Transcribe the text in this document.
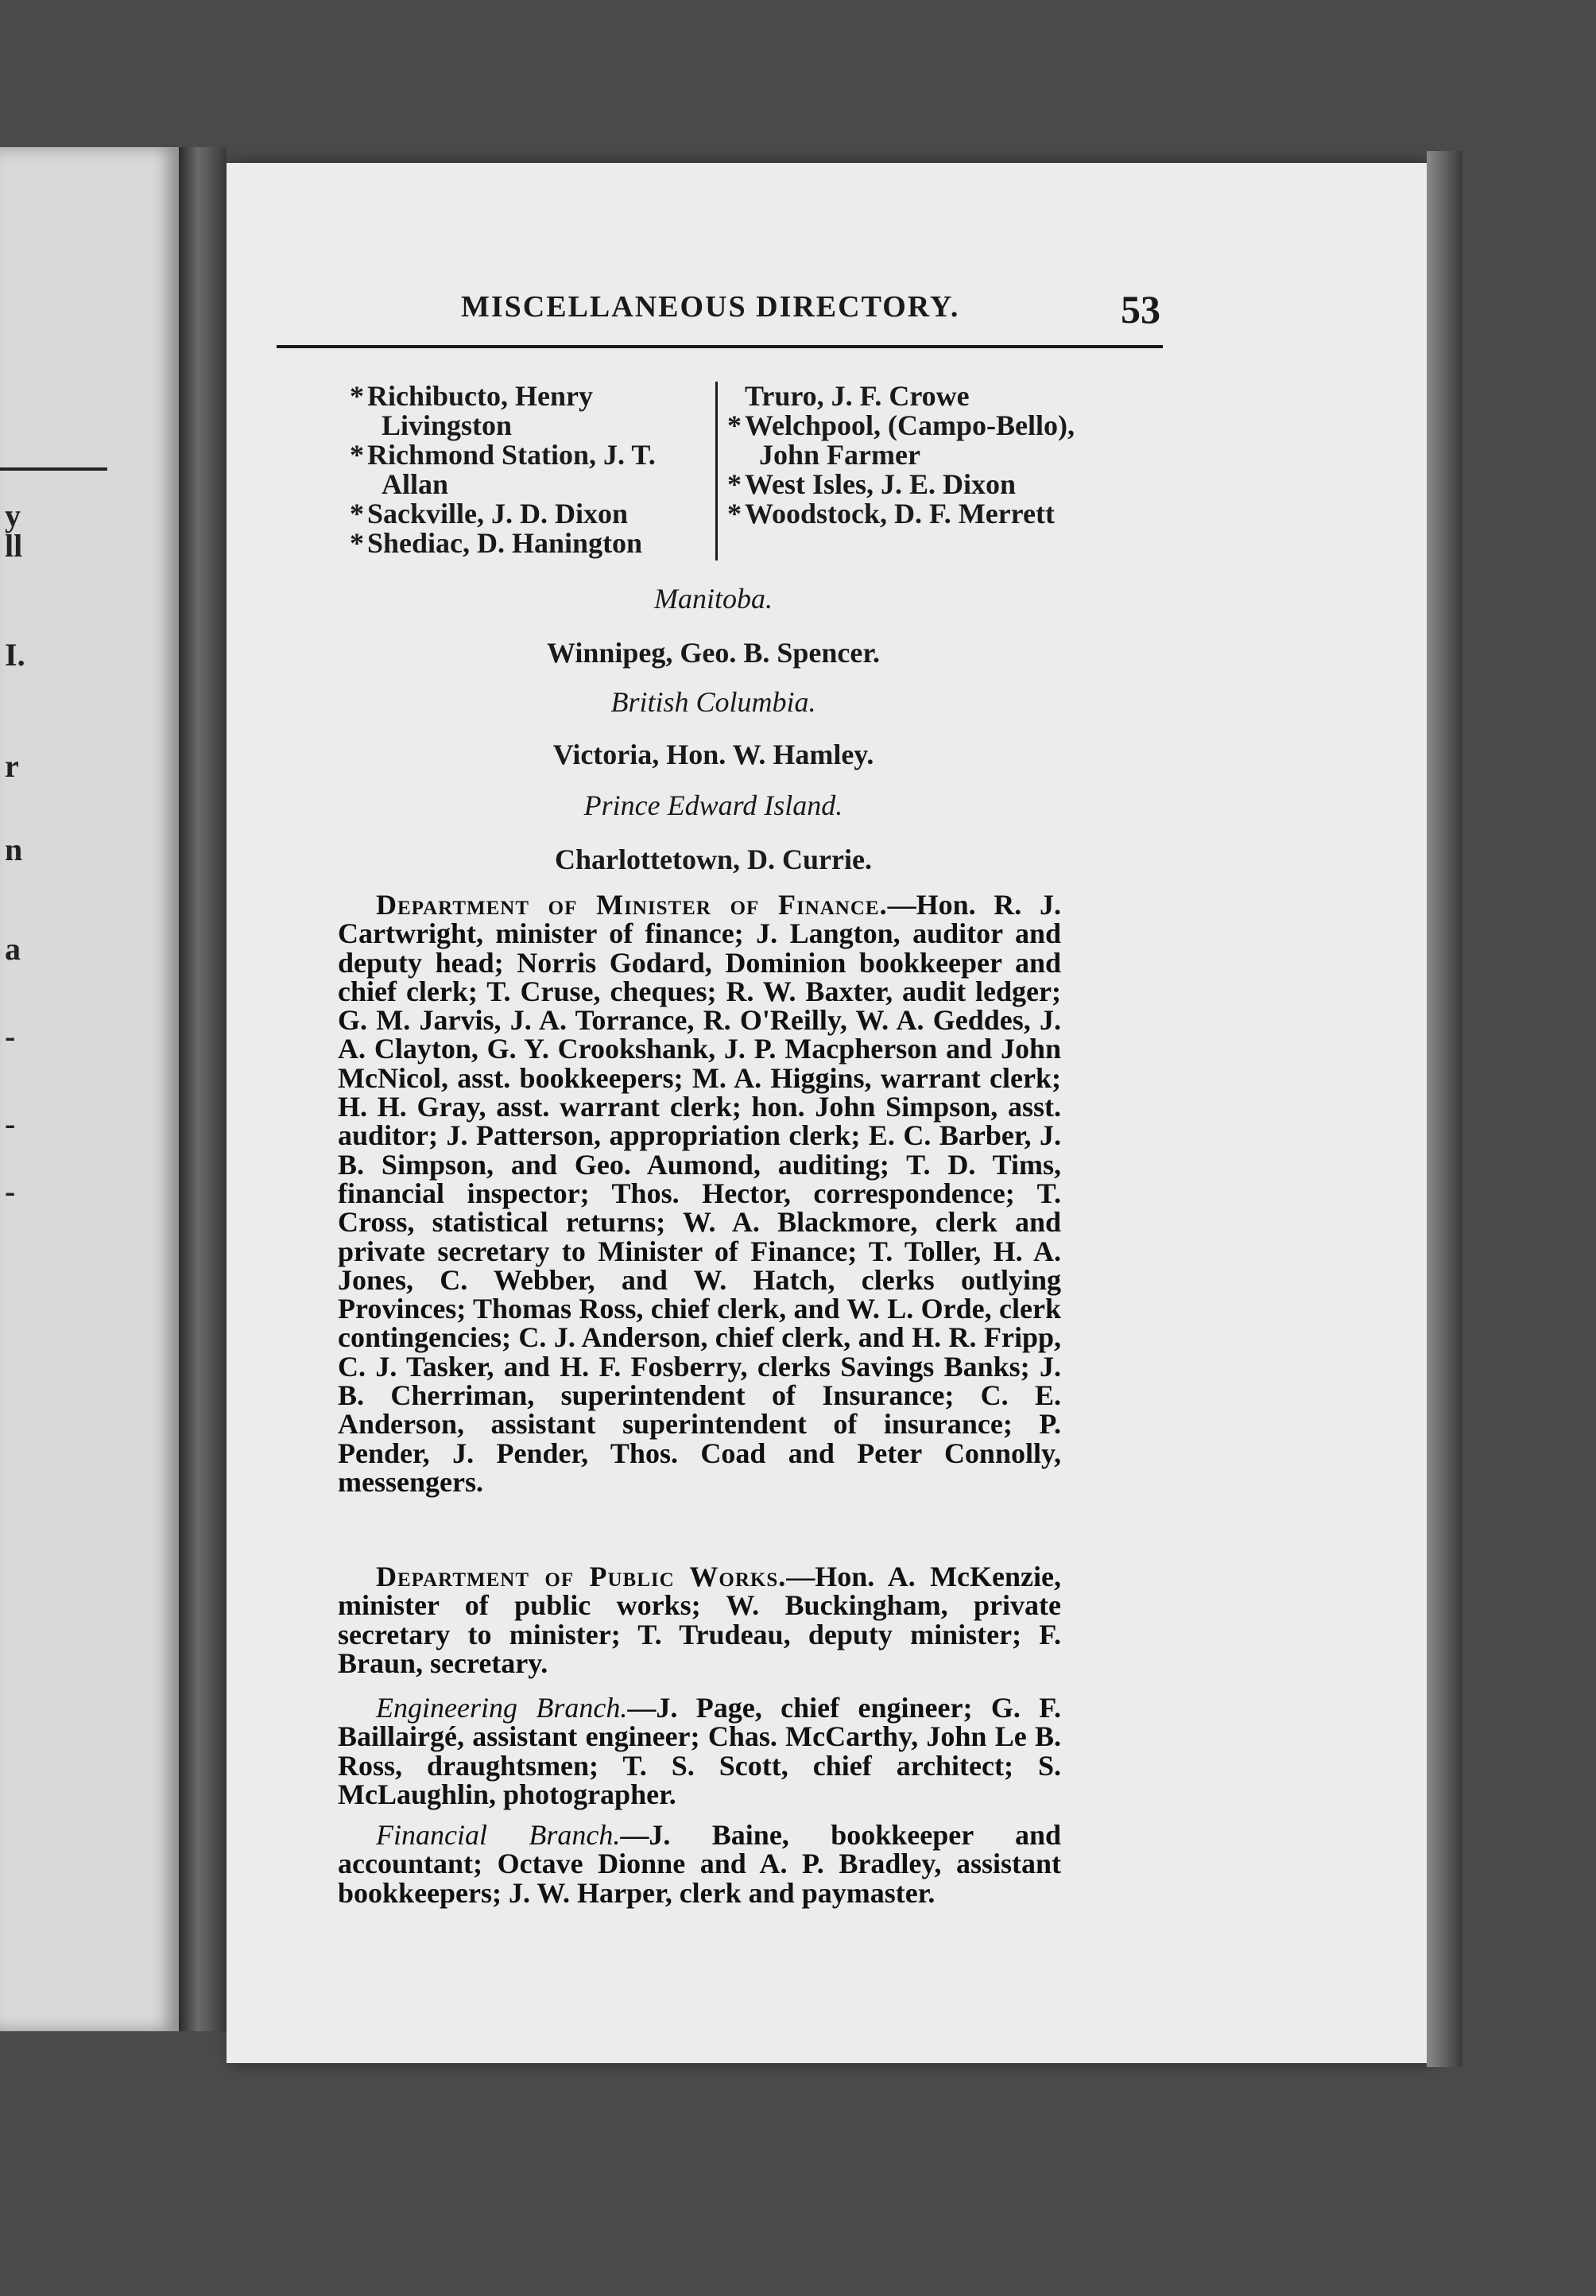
y
ll
I.
r
n
a
-
-
-
MISCELLANEOUS DIRECTORY.	53
* Richibucto, Henry Livingston
* Richmond Station, J. T. Allan
* Sackville, J. D. Dixon
* Shediac, D. Hanington
Truro, J. F. Crowe
* Welchpool, (Campo-Bello), John Farmer
* West Isles, J. E. Dixon
* Woodstock, D. F. Merrett
Manitoba.
Winnipeg, Geo. B. Spencer.
British Columbia.
Victoria, Hon. W. Hamley.
Prince Edward Island.
Charlottetown, D. Currie.
Department of Minister of Finance.—Hon. R. J. Cartwright, minister of finance; J. Langton, auditor and deputy head; Norris Godard, Dominion bookkeeper and chief clerk; T. Cruse, cheques; R. W. Baxter, audit ledger; G. M. Jarvis, J. A. Torrance, R. O'Reilly, W. A. Geddes, J. A. Clayton, G. Y. Crookshank, J. P. Macpherson and John McNicol, asst. bookkeepers; M. A. Higgins, warrant clerk; H. H. Gray, asst. warrant clerk; hon. John Simpson, asst. auditor; J. Patterson, appropriation clerk; E. C. Barber, J. B. Simpson, and Geo. Aumond, auditing; T. D. Tims, financial inspector; Thos. Hector, correspondence; T. Cross, statistical returns; W. A. Blackmore, clerk and private secretary to Minister of Finance; T. Toller, H. A. Jones, C. Webber, and W. Hatch, clerks outlying Provinces; Thomas Ross, chief clerk, and W. L. Orde, clerk contingencies; C. J. Anderson, chief clerk, and H. R. Fripp, C. J. Tasker, and H. F. Fosberry, clerks Savings Banks; J. B. Cherriman, superintendent of Insurance; C. E. Anderson, assistant superintendent of insurance; P. Pender, J. Pender, Thos. Coad and Peter Connolly, messengers.
Department of Public Works.—Hon. A. McKenzie, minister of public works; W. Buckingham, private secretary to minister; T. Trudeau, deputy minister; F. Braun, secretary.
Engineering Branch.—J. Page, chief engineer; G. F. Baillairgé, assistant engineer; Chas. McCarthy, John Le B. Ross, draughtsmen; T. S. Scott, chief architect; S. McLaughlin, photographer.
Financial Branch.—J. Baine, bookkeeper and accountant; Octave Dionne and A. P. Bradley, assistant bookkeepers; J. W. Harper, clerk and paymaster.
